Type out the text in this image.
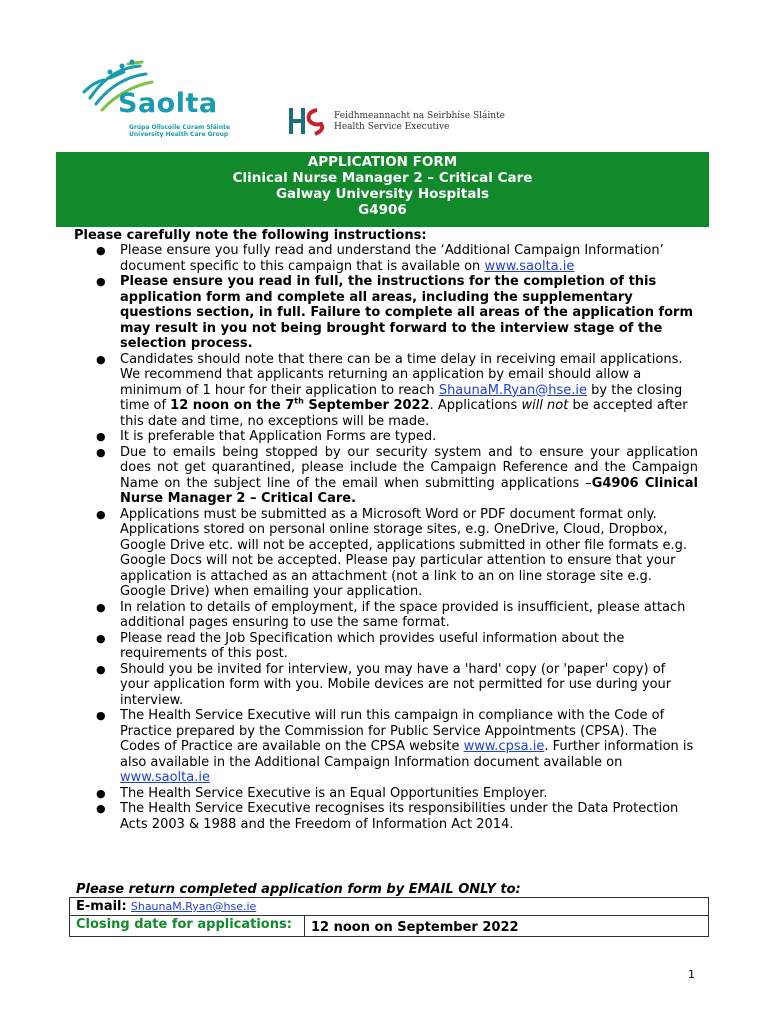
Saolta
Grúpa Ollscoile Cúram Sláinte
University Health Care Group
Feidhmeannacht na Seirbhíse Sláinte
Health Service Executive
APPLICATION FORM
Clinical Nurse Manager 2 – Critical Care
Galway University Hospitals
G4906
Please carefully note the following instructions:
● Please ensure you fully read and understand the ‘Additional Campaign Information’ document specific to this campaign that is available on www.saolta.ie
● Please ensure you read in full, the instructions for the completion of this application form and complete all areas, including the supplementary questions section, in full. Failure to complete all areas of the application form may result in you not being brought forward to the interview stage of the selection process.
● Candidates should note that there can be a time delay in receiving email applications. We recommend that applicants returning an application by email should allow a minimum of 1 hour for their application to reach ShaunaM.Ryan@hse.ie by the closing time of 12 noon on the 7th September 2022. Applications will not be accepted after this date and time, no exceptions will be made.
● It is preferable that Application Forms are typed.
● Due to emails being stopped by our security system and to ensure your application does not get quarantined, please include the Campaign Reference and the Campaign Name on the subject line of the email when submitting applications –G4906 Clinical Nurse Manager 2 – Critical Care.
● Applications must be submitted as a Microsoft Word or PDF document format only. Applications stored on personal online storage sites, e.g. OneDrive, Cloud, Dropbox, Google Drive etc. will not be accepted, applications submitted in other file formats e.g. Google Docs will not be accepted. Please pay particular attention to ensure that your application is attached as an attachment (not a link to an on line storage site e.g. Google Drive) when emailing your application.
● In relation to details of employment, if the space provided is insufficient, please attach additional pages ensuring to use the same format.
● Please read the Job Specification which provides useful information about the requirements of this post.
● Should you be invited for interview, you may have a 'hard' copy (or 'paper' copy) of your application form with you. Mobile devices are not permitted for use during your interview.
● The Health Service Executive will run this campaign in compliance with the Code of Practice prepared by the Commission for Public Service Appointments (CPSA). The Codes of Practice are available on the CPSA website www.cpsa.ie. Further information is also available in the Additional Campaign Information document available on www.saolta.ie
● The Health Service Executive is an Equal Opportunities Employer.
● The Health Service Executive recognises its responsibilities under the Data Protection Acts 2003 & 1988 and the Freedom of Information Act 2014.
Please return completed application form by EMAIL ONLY to:
E-mail: ShaunaM.Ryan@hse.ie
Closing date for applications:	12 noon on September 2022
1
